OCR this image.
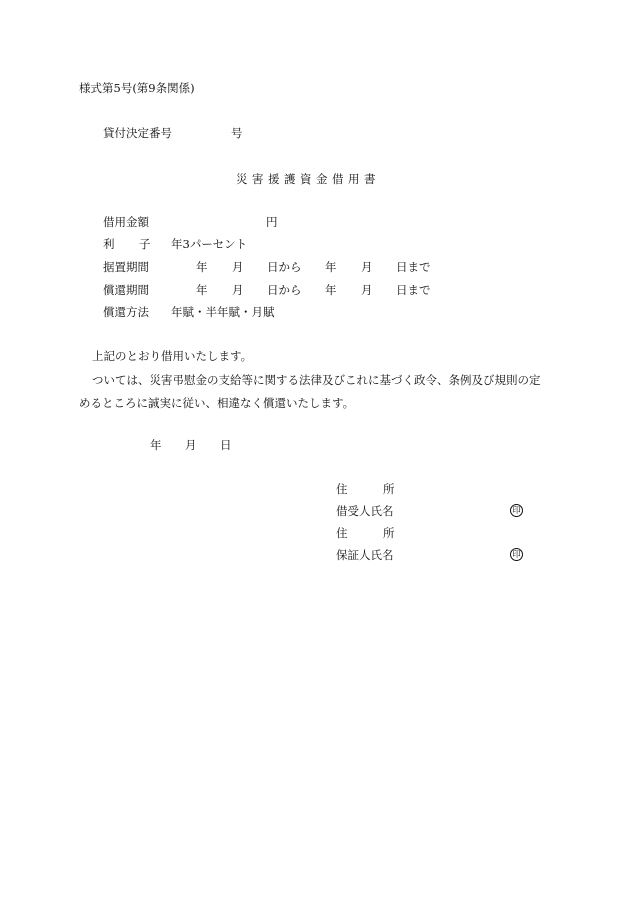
様式第5号(第9条関係)
貸付決定番号	号
災害援護資金借用書
借用金額	円
利 子 年3パーセント
据置期間	年 月 日から 年 月 日まで
償還期間	年 月 日から 年 月 日まで
償還方法 年賦・半年賦・月賦
上記のとおり借用いたします。
ついては、災害弔慰金の支給等に関する法律及びこれに基づく政令、条例及び規則の定
めるところに誠実に従い、相違なく償還いたします。
年 月 日
住	所
借受人氏名	印
住	所
保証人氏名	印
